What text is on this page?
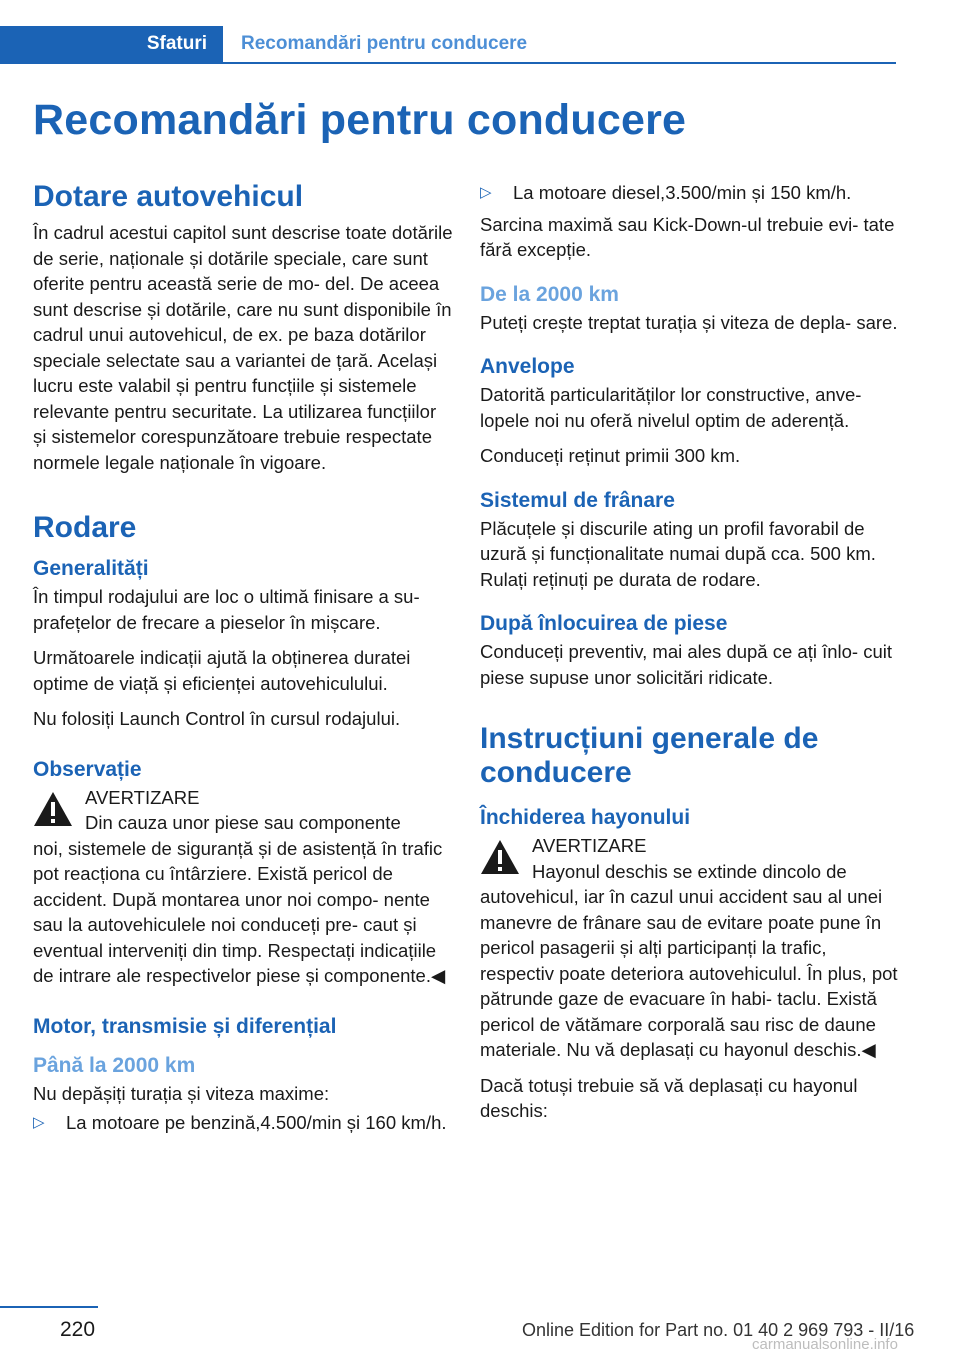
Sfaturi	Recomandări pentru conducere
Recomandări pentru conducere
Dotare autovehicul

În cadrul acestui capitol sunt descrise toate dotările de serie, naționale și dotările speciale, care sunt oferite pentru această serie de mo‐ del. De aceea sunt descrise și dotările, care nu sunt disponibile în cadrul unui autovehicul, de ex. pe baza dotărilor speciale selectate sau a variantei de țară. Același lucru este valabil și pentru funcțiile și sistemele relevante pentru securitate. La utilizarea funcțiilor și sistemelor corespunzătoare trebuie respectate normele legale naționale în vigoare.

Rodare
Generalități

În timpul rodajului are loc o ultimă finisare a su‐ prafețelor de frecare a pieselor în mișcare.

Următoarele indicații ajută la obținerea duratei optime de viață și eficienței autovehiculului.

Nu folosiți Launch Control în cursul rodajului.

Observație
AVERTIZARE
Din cauza unor piese sau componente
noi, sistemele de siguranță și de asistență în trafic pot reacționa cu întârziere. Există pericol de accident. După montarea unor noi compo‐ nente sau la autovehiculele noi conduceți pre‐ caut și eventual interveniți din timp. Respectați indicațiile de intrare ale respectivelor piese și componente.◀
Motor, transmisie și diferențial
Până la 2000 km

Nu depășiți turația și viteza maxime:

▷ La motoare pe benzină,4.500/min și 160 km/h.
▷ La motoare diesel,3.500/min și 150 km/h.

Sarcina maximă sau Kick-Down-ul trebuie evi‐ tate fără excepție.

De la 2000 km

Puteți crește treptat turația și viteza de depla‐ sare.

Anvelope

Datorită particularităților lor constructive, anve‐ lopele noi nu oferă nivelul optim de aderență.

Conduceți reținut primii 300 km.

Sistemul de frânare

Plăcuțele și discurile ating un profil favorabil de uzură și funcționalitate numai după cca. 500 km. Rulați reținuți pe durata de rodare.

După înlocuirea de piese

Conduceți preventiv, mai ales după ce ați înlo‐ cuit piese supuse unor solicitări ridicate.

Instrucțiuni generale de conducere
Închiderea hayonului
AVERTIZARE
Hayonul deschis se extinde dincolo de
autovehicul, iar în cazul unui accident sau al unei manevre de frânare sau de evitare poate pune în pericol pasagerii și alți participanți la trafic, respectiv poate deteriora autovehiculul. În plus, pot pătrunde gaze de evacuare în habi‐ taclu. Există pericol de vătămare corporală sau risc de daune materiale. Nu vă deplasați cu hayonul deschis.◀

Dacă totuși trebuie să vă deplasați cu hayonul deschis:

220	Online Edition for Part no. 01 40 2 969 793 - II/16
carmanualsonline.info
